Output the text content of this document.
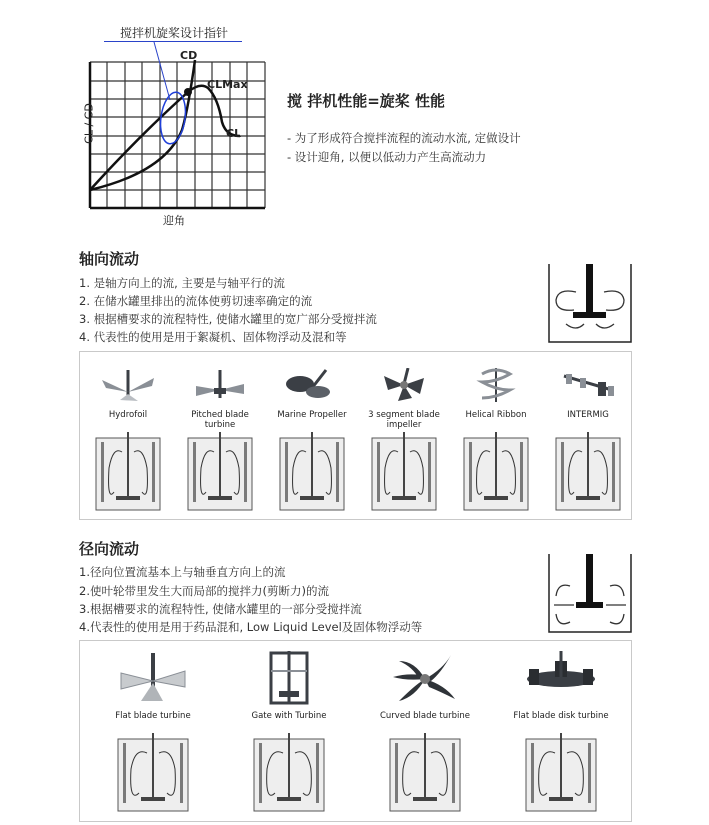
搅拌机旋桨设计指针
CD
CLMax
CL
CL / CD
迎角
搅 拌机性能=旋桨 性能
- 为了形成符合搅拌流程的流动水流, 定做设计
- 设计迎角, 以便以低动力产生高流动力
轴向流动
1. 是轴方向上的流, 主要是与轴平行的流
2. 在储水罐里排出的流体使剪切速率确定的流
3. 根据槽要求的流程特性, 使储水罐里的宽广部分受搅拌流
4. 代表性的使用是用于絮凝机、固体物浮动及混和等
Hydrofoil	Pitched blade turbine
Marine Propeller	3 segment blade impeller
Helical Ribbon	INTERMIG
径向流动
1.径向位置流基本上与轴垂直方向上的流
2.使叶轮带里发生大而局部的搅拌力(剪断力)的流
3.根据槽要求的流程特性, 使储水罐里的一部分受搅拌流
4.代表性的使用是用于药品混和, Low Liquid Level及固体物浮动等
Flat blade turbine	Gate with Turbine	Curved blade turbine	Flat blade disk turbine
